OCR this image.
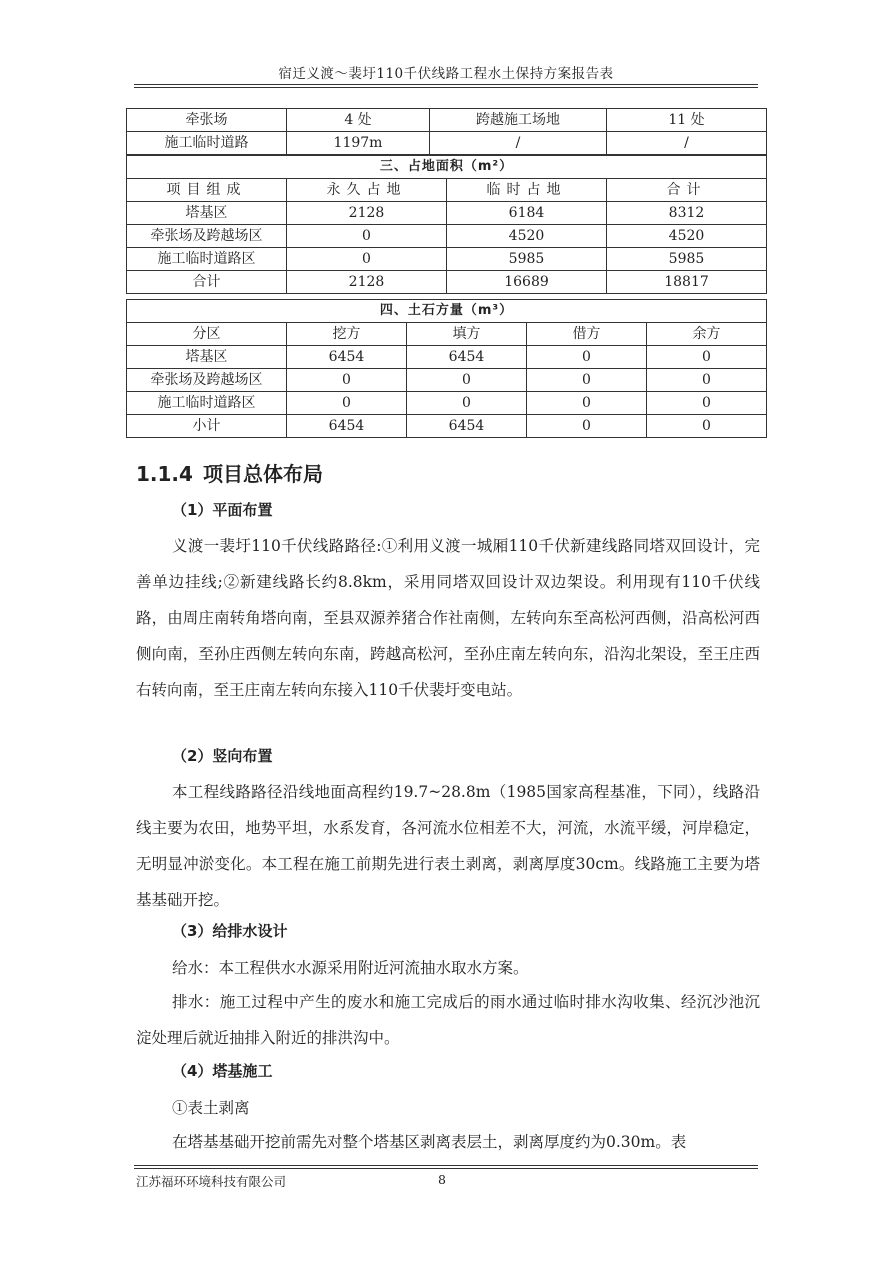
宿迁义渡～裴圩110千伏线路工程水土保持方案报告表
牵张场	4 处	跨越施工场地	11 处
施工临时道路	1197m	/	/
三、占地面积（m²）			
项目组成	永久占地	临时占地	合计
塔基区	2128	6184	8312
牵张场及跨越场区	0	4520	4520
施工临时道路区	0	5985	5985
合计	2128	16689	18817
四、土石方量（m³）				
分区	挖方	填方	借方	余方
塔基区	6454	6454	0	0
牵张场及跨越场区	0	0	0	0
施工临时道路区	0	0	0	0
小计	6454	6454	0	0
1.1.4 项目总体布局
（1）平面布置
义渡一裴圩110千伏线路路径:①利用义渡一城厢110千伏新建线路同塔双回设计，完善单边挂线;②新建线路长约8.8km，采用同塔双回设计双边架设。利用现有110千伏线路，由周庄南转角塔向南，至县双源养猪合作社南侧，左转向东至高松河西侧，沿高松河西侧向南，至孙庄西侧左转向东南，跨越高松河，至孙庄南左转向东，沿沟北架设，至王庄西右转向南，至王庄南左转向东接入110千伏裴圩变电站。
（2）竖向布置
本工程线路路径沿线地面高程约19.7~28.8m（1985国家高程基准，下同），线路沿线主要为农田，地势平坦，水系发育，各河流水位相差不大，河流，水流平缓，河岸稳定，无明显冲淤变化。本工程在施工前期先进行表土剥离，剥离厚度30cm。线路施工主要为塔基基础开挖。
（3）给排水设计
给水：本工程供水水源采用附近河流抽水取水方案。
排水：施工过程中产生的废水和施工完成后的雨水通过临时排水沟收集、经沉沙池沉淀处理后就近抽排入附近的排洪沟中。
（4）塔基施工
①表土剥离
在塔基基础开挖前需先对整个塔基区剥离表层土，剥离厚度约为0.30m。表
江苏福环环境科技有限公司	8
